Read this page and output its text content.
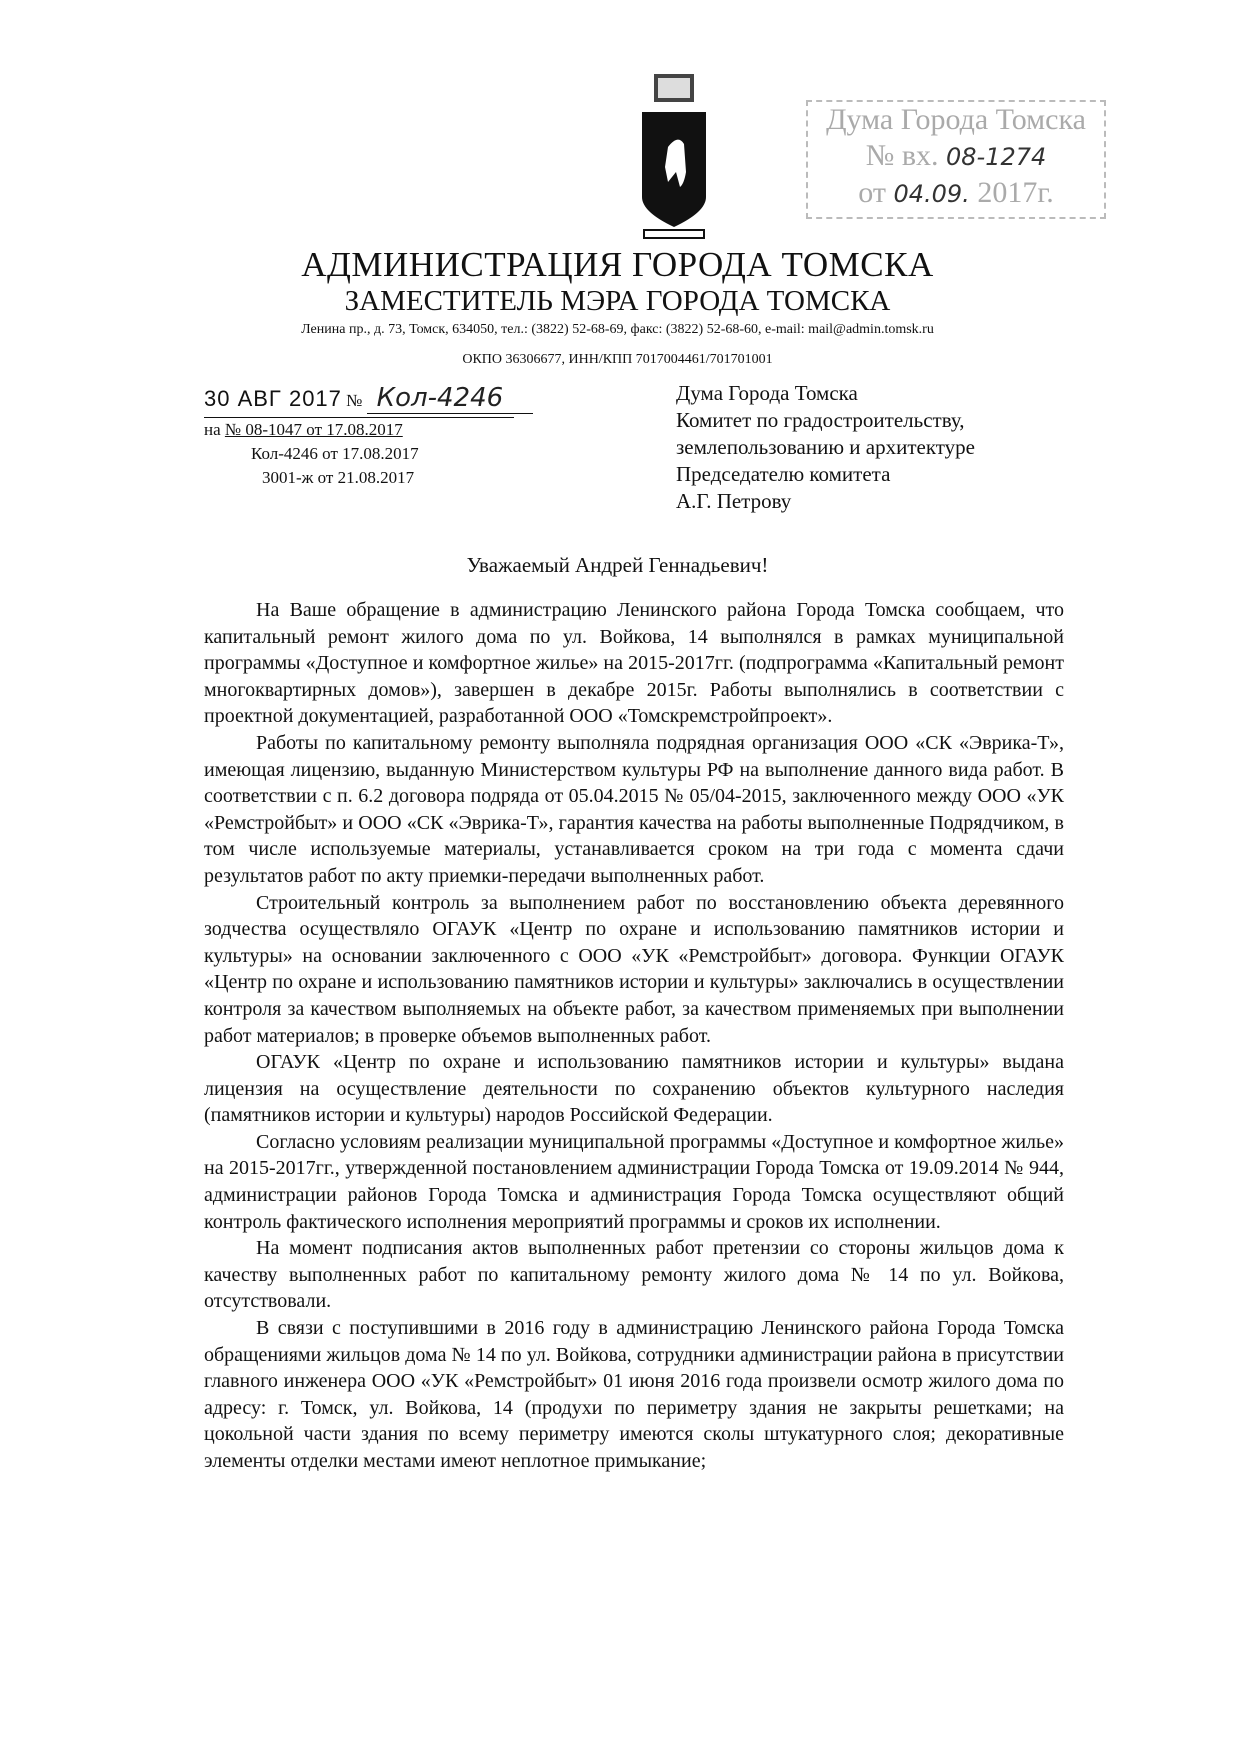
Дума Города Томска
№ вх. 08-1274
от 04.09. 2017г.
АДМИНИСТРАЦИЯ ГОРОДА ТОМСКА
ЗАМЕСТИТЕЛЬ МЭРА ГОРОДА ТОМСКА
Ленина пр., д. 73, Томск, 634050, тел.: (3822) 52-68-69, факс: (3822) 52-68-60, e-mail: mail@admin.tomsk.ru
ОКПО 36306677, ИНН/КПП 7017004461/701701001
30 АВГ 2017 № Кол-4246
на № 08-1047 от 17.08.2017
Кол-4246 от 17.08.2017
3001-ж от 21.08.2017
Дума Города Томска
Комитет по градостроительству,
землепользованию и архитектуре
Председателю комитета
А.Г. Петрову
Уважаемый Андрей Геннадьевич!

На Ваше обращение в администрацию Ленинского района Города Томска сообщаем, что капитальный ремонт жилого дома по ул. Войкова, 14 выполнялся в рамках муниципальной программы «Доступное и комфортное жилье» на 2015-2017гг. (подпрограмма «Капитальный ремонт многоквартирных домов»), завершен в декабре 2015г. Работы выполнялись в соответствии с проектной документацией, разработанной ООО «Томскремстройпроект».

Работы по капитальному ремонту выполняла подрядная организация ООО «СК «Эврика-Т», имеющая лицензию, выданную Министерством культуры РФ на выполнение данного вида работ. В соответствии с п. 6.2 договора подряда от 05.04.2015 № 05/04-2015, заключенного между ООО «УК «Ремстройбыт» и ООО «СК «Эврика-Т», гарантия качества на работы выполненные Подрядчиком, в том числе используемые материалы, устанавливается сроком на три года с момента сдачи результатов работ по акту приемки-передачи выполненных работ.

Строительный контроль за выполнением работ по восстановлению объекта деревянного зодчества осуществляло ОГАУК «Центр по охране и использованию памятников истории и культуры» на основании заключенного с ООО «УК «Ремстройбыт» договора. Функции ОГАУК «Центр по охране и использованию памятников истории и культуры» заключались в осуществлении контроля за качеством выполняемых на объекте работ, за качеством применяемых при выполнении работ материалов; в проверке объемов выполненных работ.

ОГАУК «Центр по охране и использованию памятников истории и культуры» выдана лицензия на осуществление деятельности по сохранению объектов культурного наследия (памятников истории и культуры) народов Российской Федерации.

Согласно условиям реализации муниципальной программы «Доступное и комфортное жилье» на 2015-2017гг., утвержденной постановлением администрации Города Томска от 19.09.2014 № 944, администрации районов Города Томска и администрация Города Томска осуществляют общий контроль фактического исполнения мероприятий программы и сроков их исполнении.

На момент подписания актов выполненных работ претензии со стороны жильцов дома к качеству выполненных работ по капитальному ремонту жилого дома № 14 по ул. Войкова, отсутствовали.

В связи с поступившими в 2016 году в администрацию Ленинского района Города Томска обращениями жильцов дома № 14 по ул. Войкова, сотрудники администрации района в присутствии главного инженера ООО «УК «Ремстройбыт» 01 июня 2016 года произвели осмотр жилого дома по адресу: г. Томск, ул. Войкова, 14 (продухи по периметру здания не закрыты решетками; на цокольной части здания по всему периметру имеются сколы штукатурного слоя; декоративные элементы отделки местами имеют неплотное примыкание;
